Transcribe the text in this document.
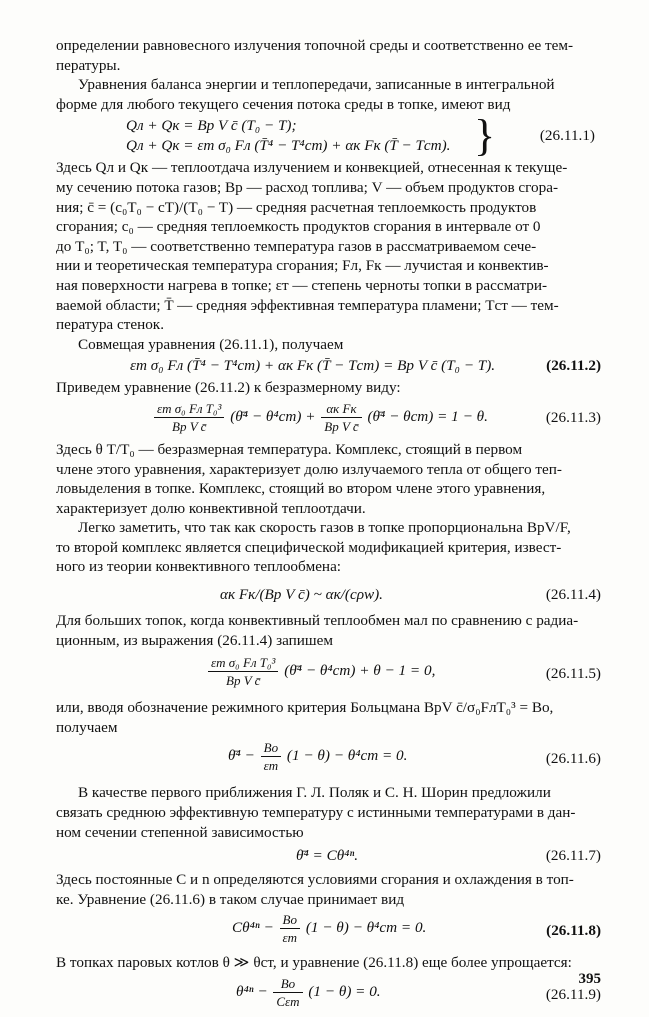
определении равновесного излучения топочной среды и соответственно ее тем-

пературы.

Уравнения баланса энергии и теплопередачи, записанные в интегральной

форме для любого текущего сечения потока среды в топке, имеют вид

Qл + Qк = Bр V c̄ (T₀ − T);
Qл + Qк = εт σ₀ Fл (T̄⁴ − T⁴ст) + αк Fк (T̄ − Tст). }	(26.11.1)

Здесь Qл и Qк — теплоотдача излучением и конвекцией, отнесенная к текуще-

му сечению потока газов; Bр — расход топлива; V — объем продуктов сгора-

ния; c̄ = (c₀T₀ − cT)/(T₀ − T) — средняя расчетная теплоемкость продуктов

сгорания; c₀ — средняя теплоемкость продуктов сгорания в интервале от 0

до T₀; T, T₀ — соответственно температура газов в рассматриваемом сече-

нии и теоретическая температура сгорания; Fл, Fк — лучистая и конвектив-

ная поверхности нагрева в топке; εт — степень черноты топки в рассматри-

ваемой области; T̄ — средняя эффективная температура пламени; Tст — тем-

пература стенок.

Совмещая уравнения (26.11.1), получаем

εт σ₀ Fл (T̄⁴ − T⁴ст) + αк Fк (T̄ − Tст) = Bр V c̄ (T₀ − T).	(26.11.2)

Приведем уравнение (26.11.2) к безразмерному виду:

$\frac{\text{εт σ₀ Fл T₀³}}{\text{Bр V c̄}}$ (θ̄⁴ − $\theta^4ст) + \frac{\text{αк Fк}}{\text{Bр V c̄}}$ (θ̄⁴ − θст) = 1 − θ.	(26.11.3)

Здесь θ T/T₀ — безразмерная температура. Комплекс, стоящий в первом

члене этого уравнения, характеризует долю излучаемого тепла от общего теп-

ловыделения в топке. Комплекс, стоящий во втором члене этого уравнения,

характеризует долю конвективной теплоотдачи.

Легко заметить, что так как скорость газов в топке пропорциональна BрV/F,

то второй комплекс является специфической модификацией критерия, извест-

ного из теории конвективного теплообмена:

αк Fк/(Bр V c̄) ~ αк/(cρw).	(26.11.4)

Для больших топок, когда конвективный теплообмен мал по сравнению с радиа-

ционным, из выражения (26.11.4) запишем

$\frac{\text{εт σ₀ Fл T₀³}}{\text{Bр V c̄}}$ (θ̄⁴ − θ⁴ст) + θ − 1 = 0,	(26.11.5)

или, вводя обозначение режимного критерия Больцмана BрV c̄/σ₀FлT₀³ = Bo,

получаем

θ̄⁴ − $\frac{Bo}{\varepsilon т} (1 - \theta) - \theta^4ст = 0$.	(26.11.6)

В качестве первого приближения Г. Л. Поляк и С. Н. Шорин предложили

связать среднюю эффективную температуру с истинными температурами в дан-

ном сечении степенной зависимостью

θ̄⁴ = Cθ⁴ⁿ.	(26.11.7)

Здесь постоянные C и n определяются условиями сгорания и охлаждения в топ-

ке. Уравнение (26.11.6) в таком случае принимает вид

$C\theta^{4n} - \frac{Bo}{\varepsilon т} (1 - \theta) - \theta^4ст = 0$.	(26.11.8)

В топках паровых котлов θ ≫ θст, и уравнение (26.11.8) еще более упрощается:

$\theta^{4n} - \frac{Bo}{\text{Cεт}} (1 - \theta) = 0$.	(26.11.9)
395
